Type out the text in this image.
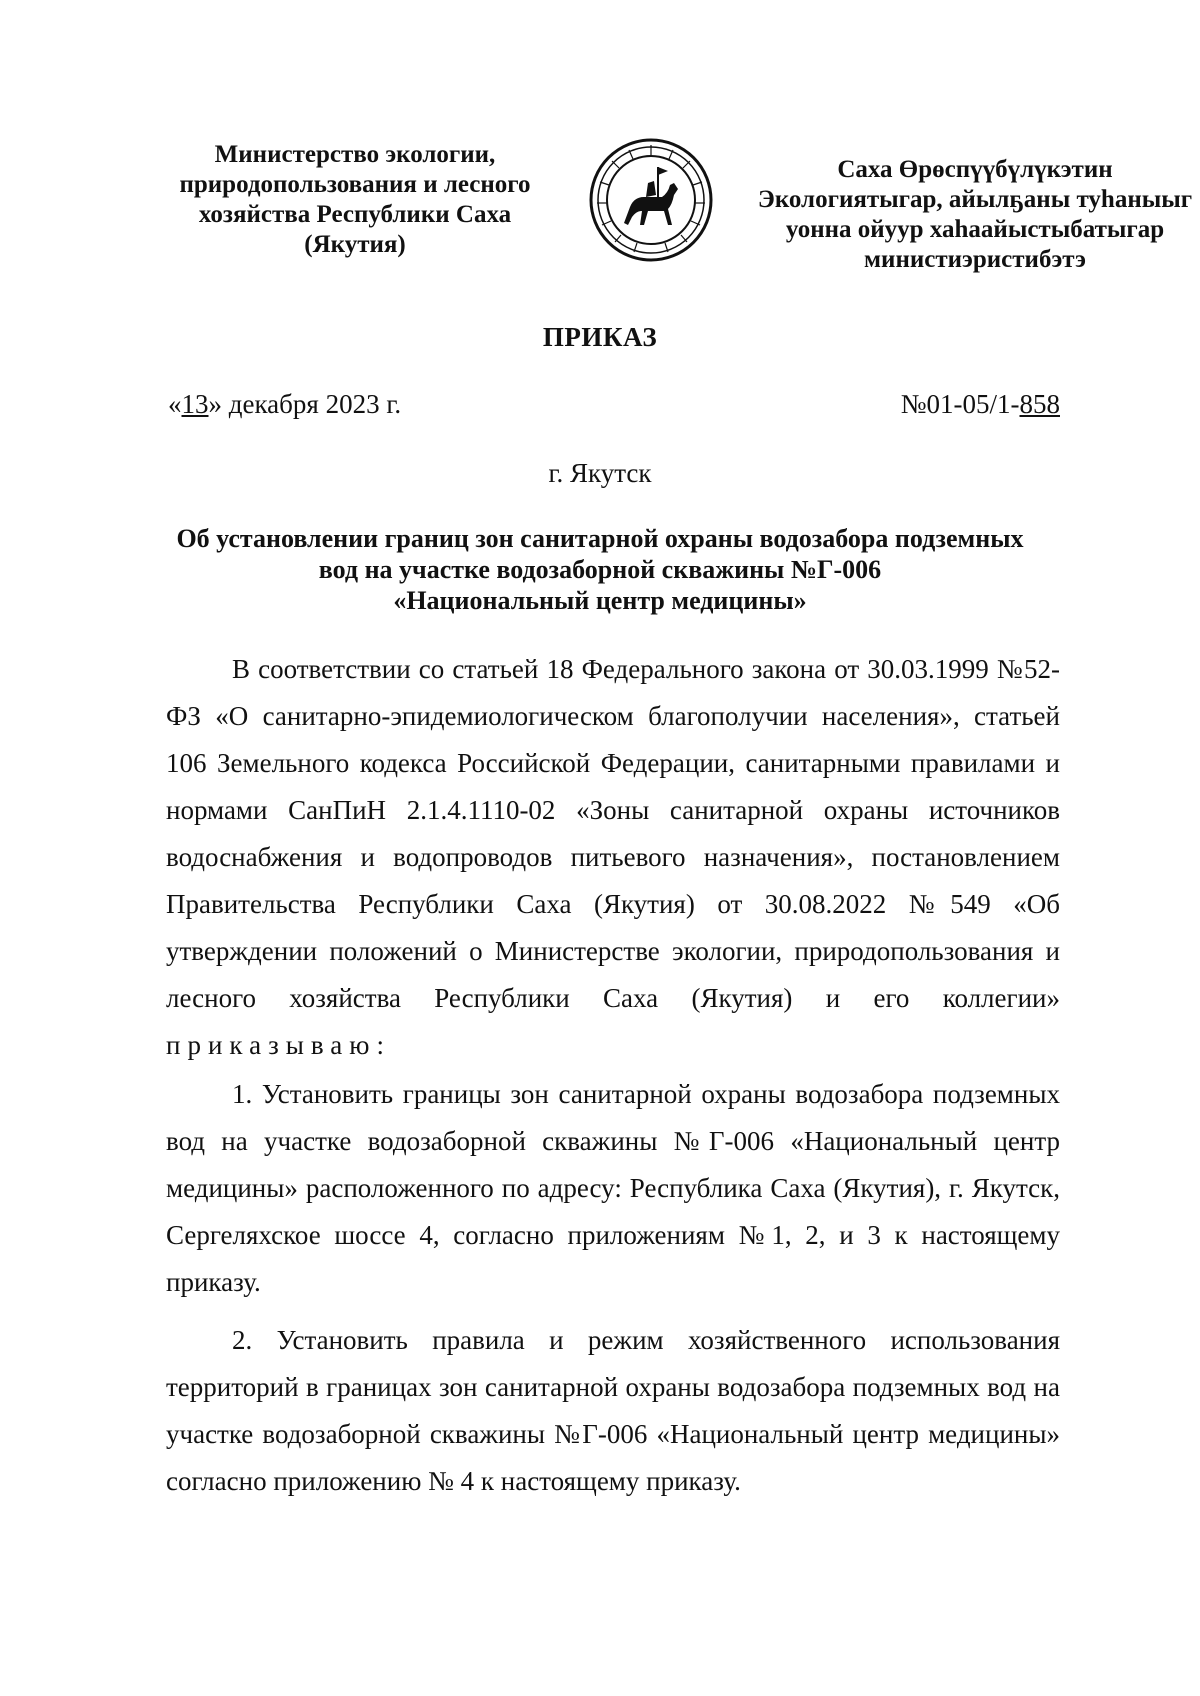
Министерство экологии,
природопользования и лесного
хозяйства Республики Саха
(Якутия)
Саха Өрөспүүбүлүкэтин
Экологиятыгар, айылҕаны туһаныыг
уонна ойуур хаһаайыстыбатыгар
министиэристибэтэ
ПРИКАЗ
«13» декабря 2023 г.	№01-05/1-858
г. Якутск
Об установлении границ зон санитарной охраны водозабора подземных
вод на участке водозаборной скважины №Г-006
«Национальный центр медицины»

В соответствии со статьей 18 Федерального закона от 30.03.1999 №52-ФЗ «О санитарно-эпидемиологическом благополучии населения», статьей 106 Земельного кодекса Российской Федерации, санитарными правилами и нормами СанПиН 2.1.4.1110-02 «Зоны санитарной охраны источников водоснабжения и водопроводов питьевого назначения», постановлением Правительства Республики Саха (Якутия) от 30.08.2022 №549 «Об утверждении положений о Министерстве экологии, природопользования и лесного хозяйства Республики Саха (Якутия) и его коллегии» приказываю:

1. Установить границы зон санитарной охраны водозабора подземных вод на участке водозаборной скважины №Г-006 «Национальный центр медицины» расположенного по адресу: Республика Саха (Якутия), г. Якутск, Сергеляхское шоссе 4, согласно приложениям №1, 2, и 3 к настоящему приказу.

2. Установить правила и режим хозяйственного использования территорий в границах зон санитарной охраны водозабора подземных вод на участке водозаборной скважины №Г-006 «Национальный центр медицины» согласно приложению № 4 к настоящему приказу.
